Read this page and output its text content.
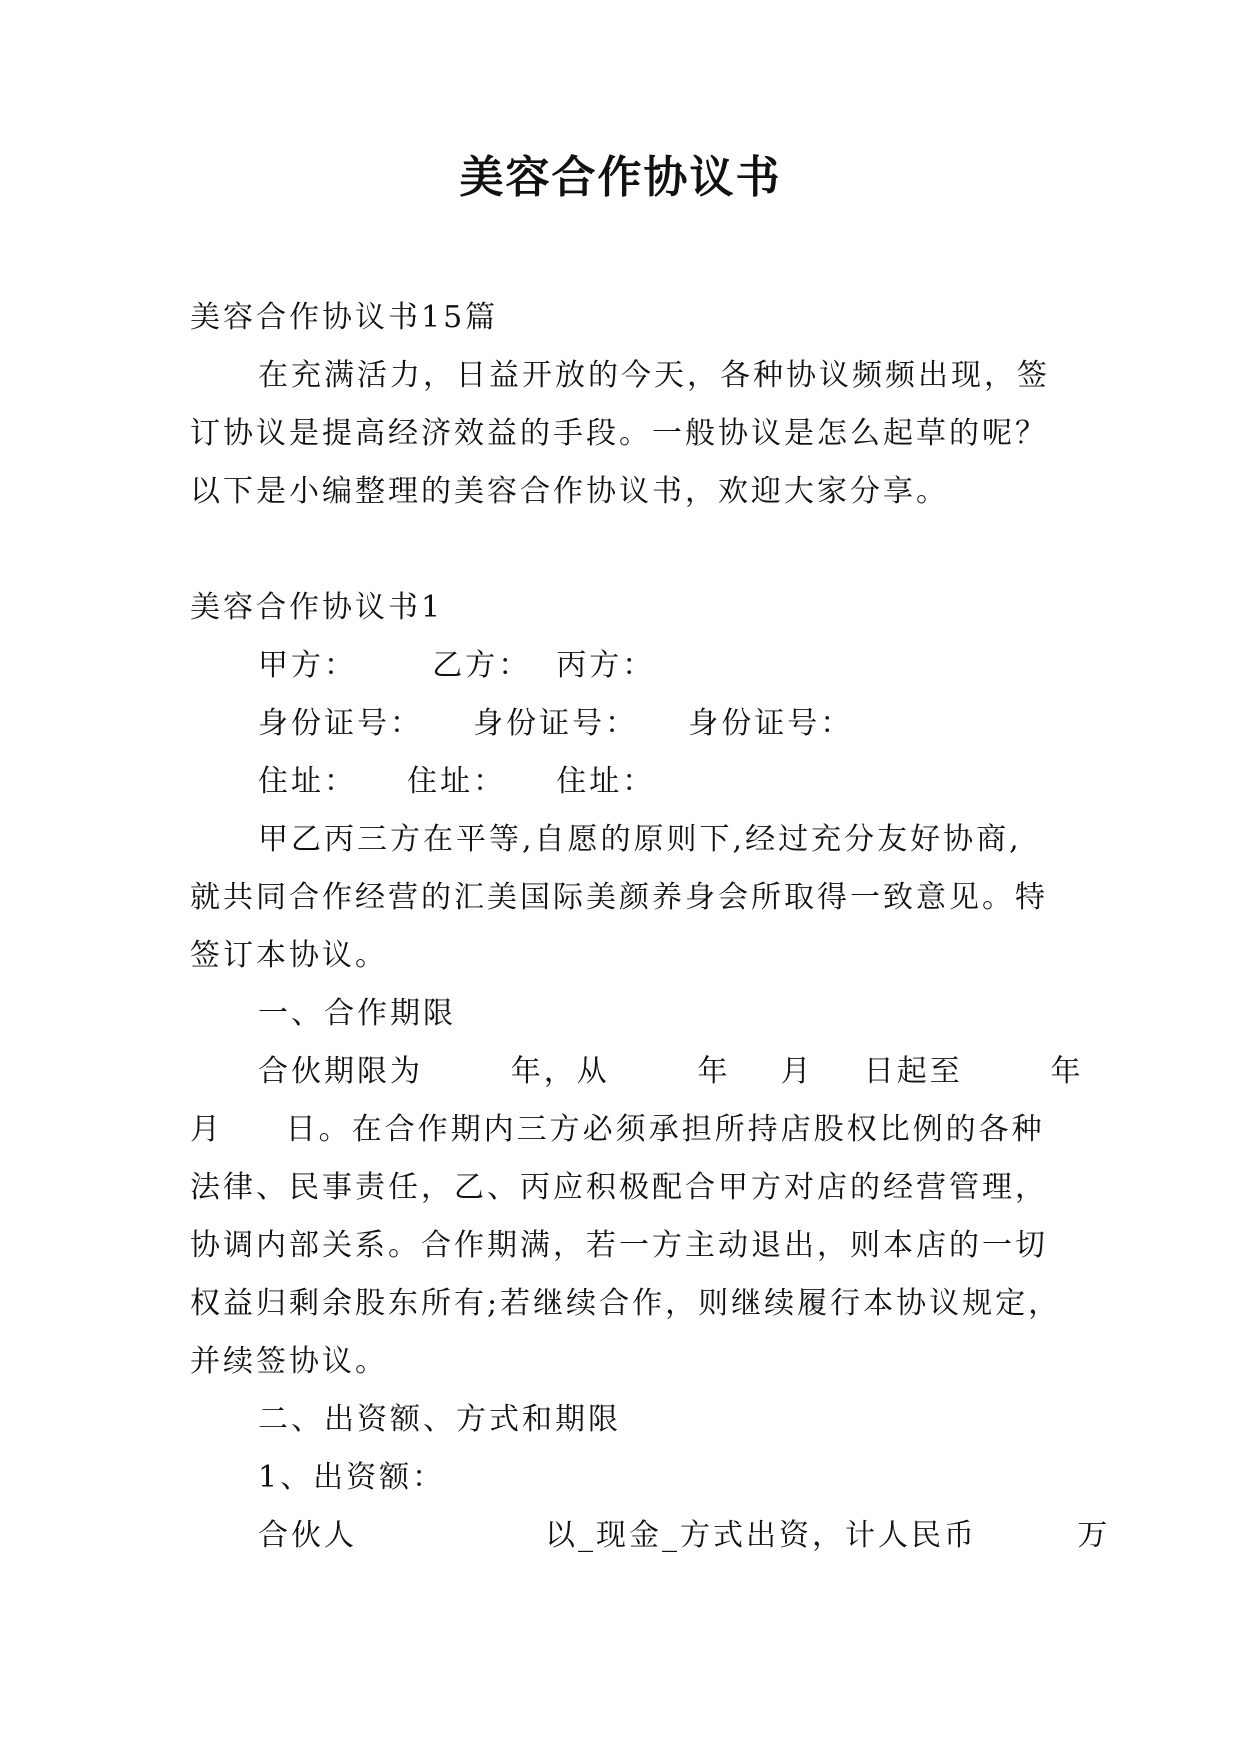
美容合作协议书
美容合作协议书15篇
在充满活力，日益开放的今天，各种协议频频出现，签
订协议是提高经济效益的手段。一般协议是怎么起草的呢？
以下是小编整理的美容合作协议书，欢迎大家分享。
美容合作协议书1
甲方：      乙方：  丙方：
身份证号：    身份证号：    身份证号：
住址：    住址：    住址：
甲乙丙三方在平等,自愿的原则下,经过充分友好协商,
就共同合作经营的汇美国际美颜养身会所取得一致意见。特
签订本协议。
一、合作期限
合伙期限为       年，从       年    月    日起至       年
月     日。在合作期内三方必须承担所持店股权比例的各种
法律、民事责任，乙、丙应积极配合甲方对店的经营管理，
协调内部关系。合作期满，若一方主动退出，则本店的一切
权益归剩余股东所有;若继续合作，则继续履行本协议规定，
并续签协议。
二、出资额、方式和期限
1、出资额：
合伙人               以_现金_方式出资，计人民币        万
